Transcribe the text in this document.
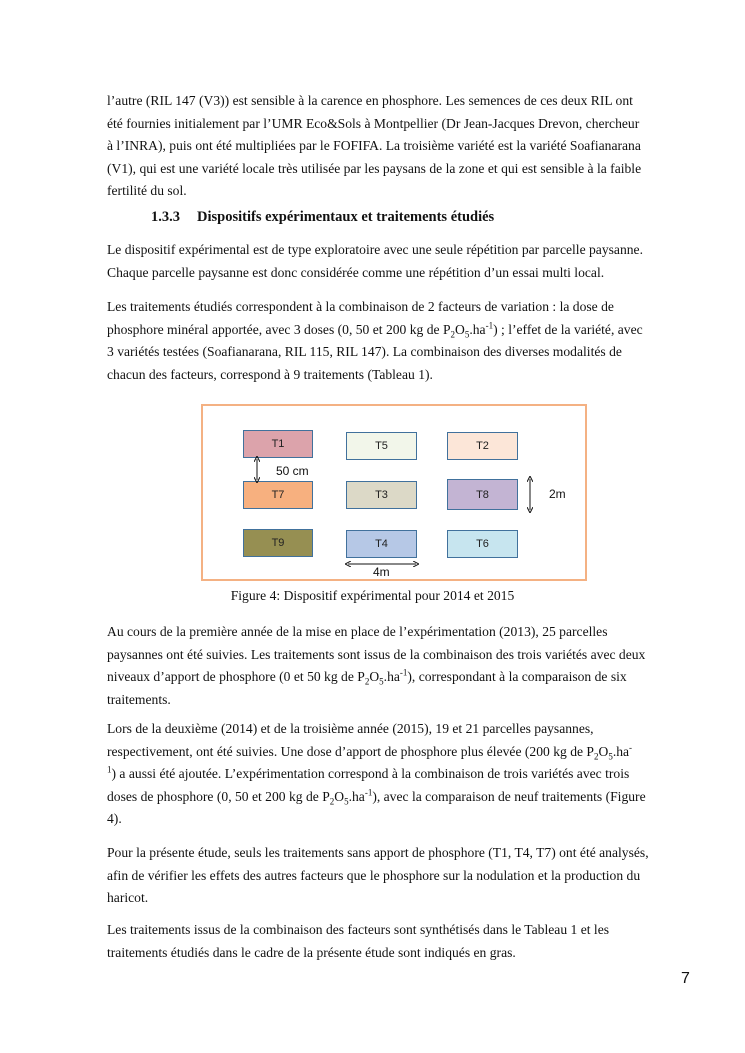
l’autre (RIL 147 (V3)) est sensible à la carence en phosphore. Les semences de ces deux RIL ont
été fournies initialement par l’UMR Eco&Sols à Montpellier (Dr Jean-Jacques Drevon, chercheur
à l’INRA), puis ont été multipliées par le FOFIFA. La troisième variété est la variété Soafianarana
(V1), qui est une variété locale très utilisée par les paysans de la zone et qui est sensible à la faible
fertilité du sol.
1.3.3 Dispositifs expérimentaux et traitements étudiés
Le dispositif expérimental est de type exploratoire avec une seule répétition par parcelle paysanne.
Chaque parcelle paysanne est donc considérée comme une répétition d’un essai multi local.
Les traitements étudiés correspondent à la combinaison de 2 facteurs de variation : la dose de
phosphore minéral apportée, avec 3 doses (0, 50 et 200 kg de $P_2O_5.ha^{-1}$) ; l’effet de la variété, avec
3 variétés testées (Soafianarana, RIL 115, RIL 147). La combinaison des diverses modalités de
chacun des facteurs, correspond à 9 traitements (Tableau 1).
T1	T5	T2
T7	T3	T8
T9	T4	T6
50 cm
2m
4m

Figure 4: Dispositif expérimental pour 2014 et 2015

Au cours de la première année de la mise en place de l’expérimentation (2013), 25 parcelles
paysannes ont été suivies. Les traitements sont issus de la combinaison des trois variétés avec deux
niveaux d’apport de phosphore (0 et 50 kg de $P_2O_5.ha^{-1}$), correspondant à la comparaison de six
traitements.
Lors de la deuxième (2014) et de la troisième année (2015), 19 et 21 parcelles paysannes,
respectivement, ont été suivies. Une dose d’apport de phosphore plus élevée (200 kg de $P_2O_5.ha^-$
$^1$) a aussi été ajoutée. L’expérimentation correspond à la combinaison de trois variétés avec trois
doses de phosphore (0, 50 et 200 kg de $P_2O_5.ha^{-1}$), avec la comparaison de neuf traitements (Figure
4).
Pour la présente étude, seuls les traitements sans apport de phosphore (T1, T4, T7) ont été analysés,
afin de vérifier les effets des autres facteurs que le phosphore sur la nodulation et la production du
haricot.
Les traitements issus de la combinaison des facteurs sont synthétisés dans le Tableau 1 et les
traitements étudiés dans le cadre de la présente étude sont indiqués en gras.
7
